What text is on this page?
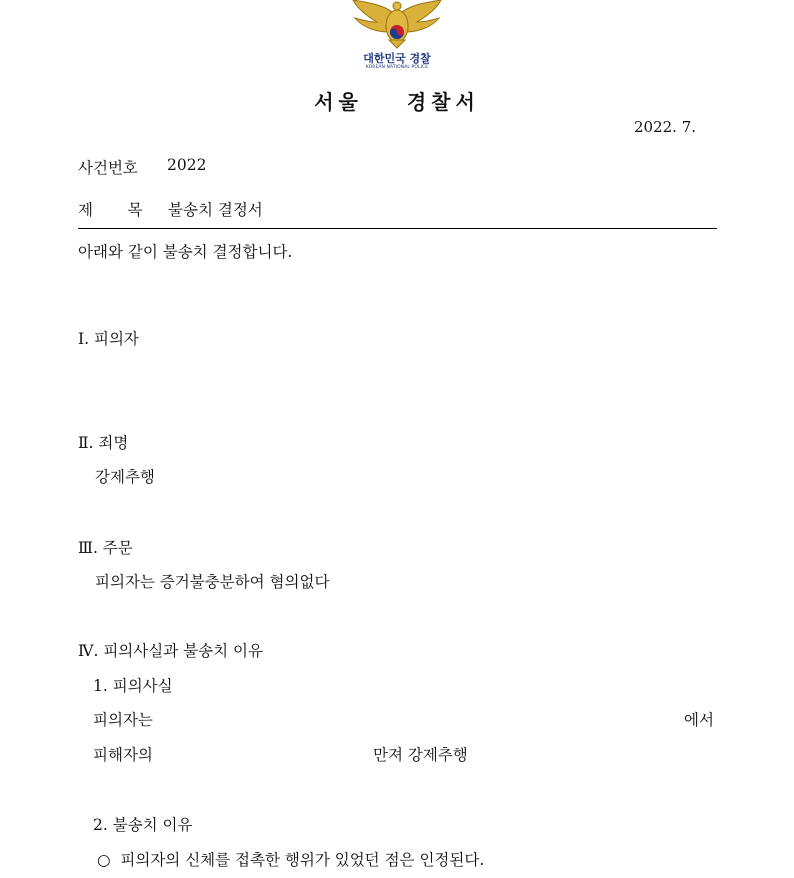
대한민국 경찰
KOREAN NATIONAL POLICE
서울 경찰서
2022. 7.
사건번호 2022
제       목 불송치 결정서
아래와 같이 불송치 결정합니다.
Ⅰ. 피의자
Ⅱ. 죄명
강제추행
Ⅲ. 주문
피의자는 증거불충분하여 혐의없다
Ⅳ. 피의사실과 불송치 이유
1. 피의사실
피의자는	에서
피해자의	만져 강제추행
2. 불송치 이유
○  피의자의 신체를 접촉한 행위가 있었던 점은 인정된다.
